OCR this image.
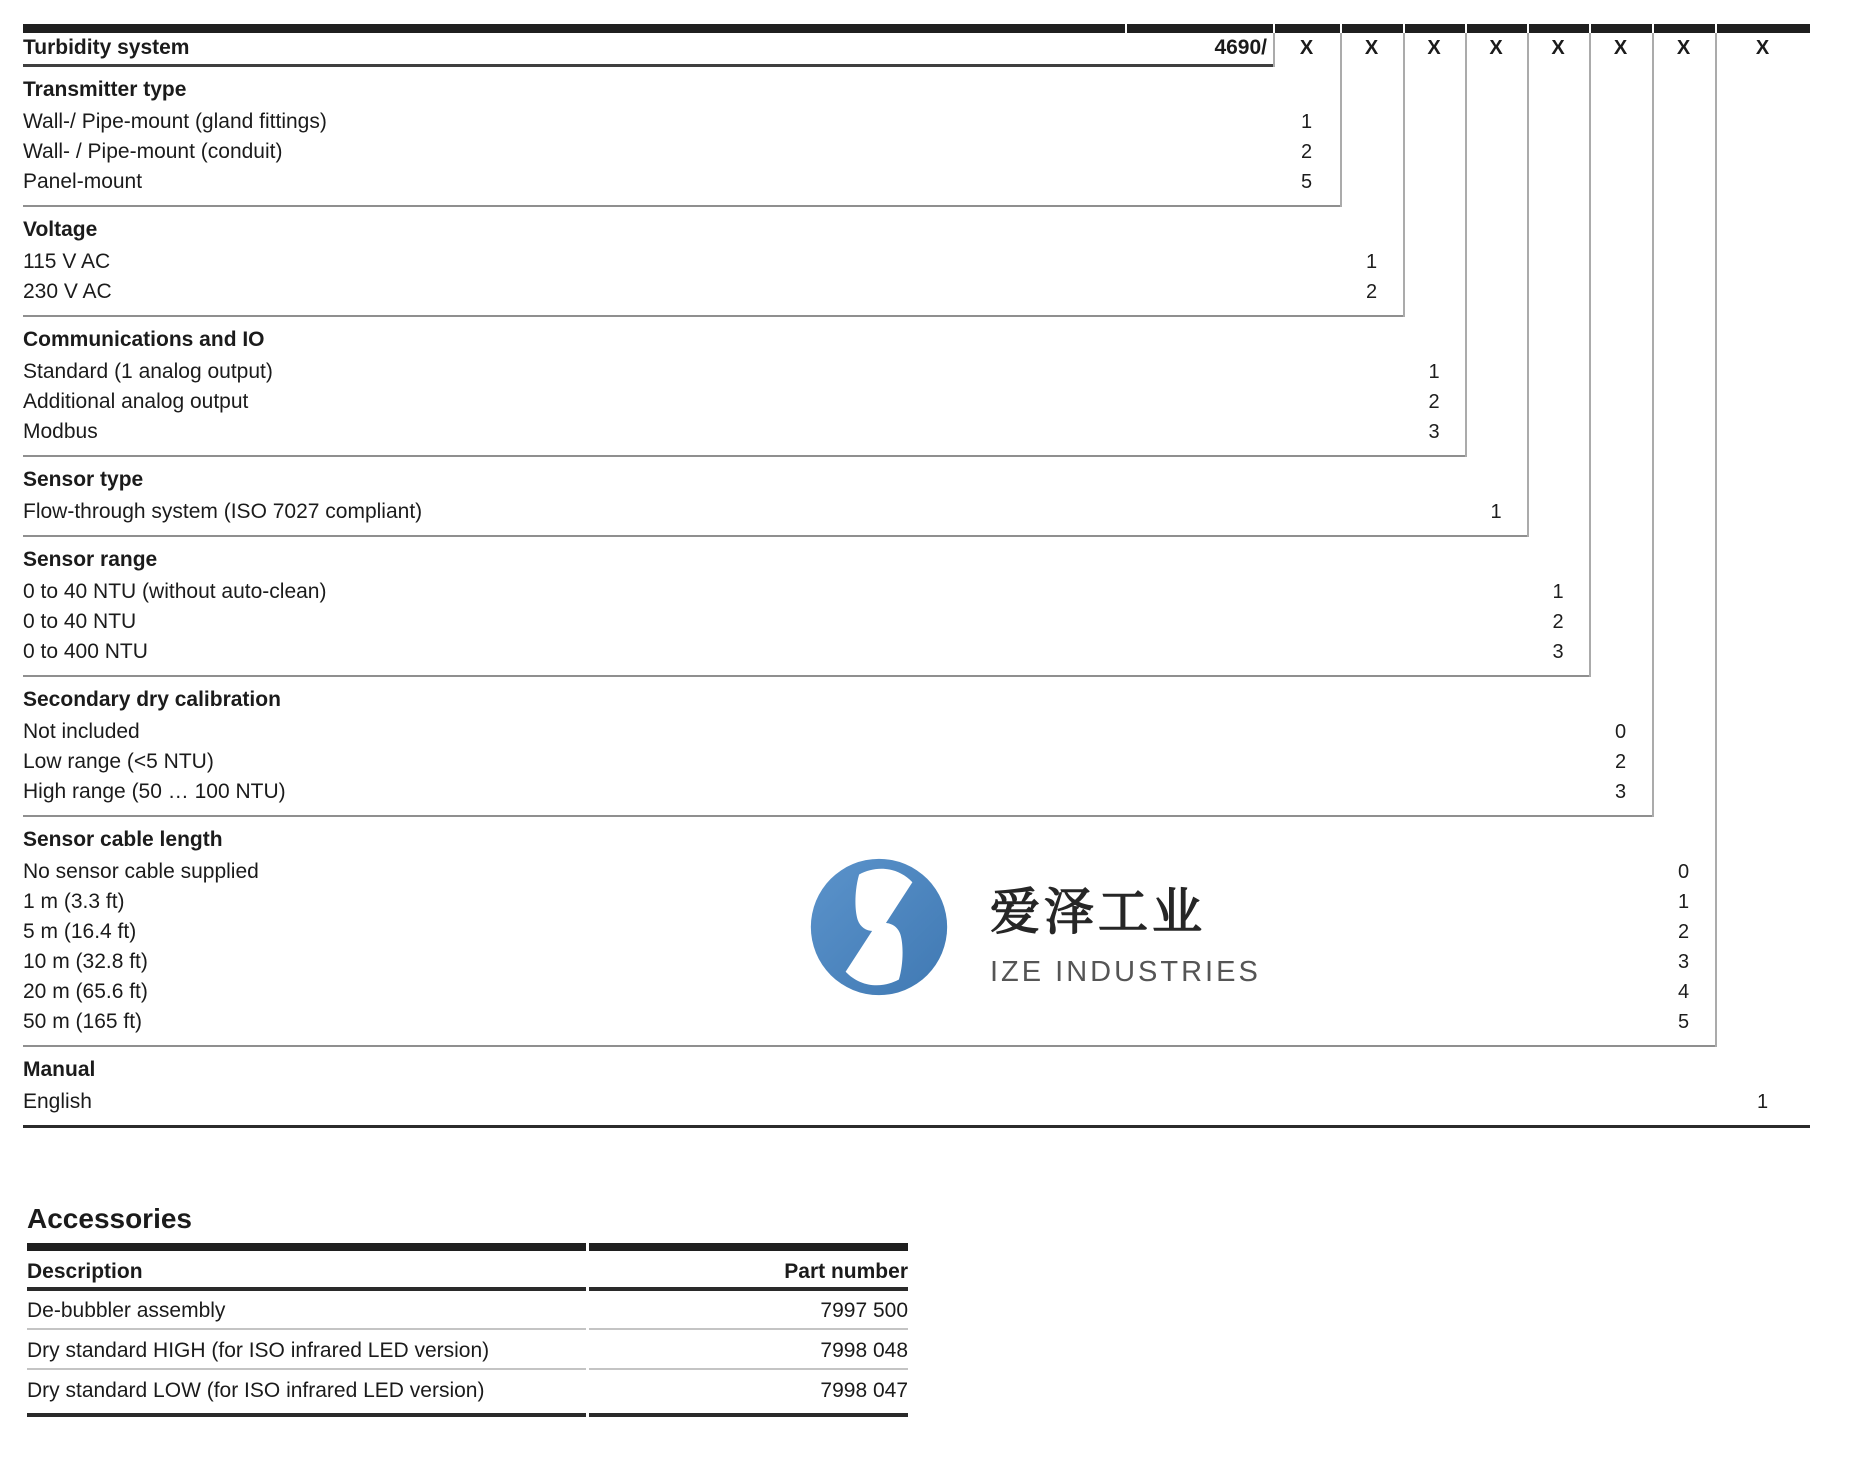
Turbidity system	4690/	X	X	X	X	X	X	X	X
Transmitter type
Wall-/ Pipe-mount (gland fittings)	1
Wall- / Pipe-mount (conduit)	2
Panel-mount	5
Voltage
115 V AC	1
230 V AC	2
Communications and IO
Standard (1 analog output)	1
Additional analog output	2
Modbus	3
Sensor type
Flow-through system (ISO 7027 compliant)	1
Sensor range
0 to 40 NTU (without auto-clean)	1
0 to 40 NTU	2
0 to 400 NTU	3
Secondary dry calibration
Not included	0
Low range (<5 NTU)	2
High range (50 … 100 NTU)	3
Sensor cable length
No sensor cable supplied	0
1 m (3.3 ft)	1
5 m (16.4 ft)	2
10 m (32.8 ft)	3
20 m (65.6 ft)	4
50 m (165 ft)	5
Manual
English	1
爱泽工业
IZE INDUSTRIES
Accessories
Description	Part number
De-bubbler assembly	7997 500
Dry standard HIGH (for ISO infrared LED version)	7998 048
Dry standard LOW (for ISO infrared LED version)	7998 047
